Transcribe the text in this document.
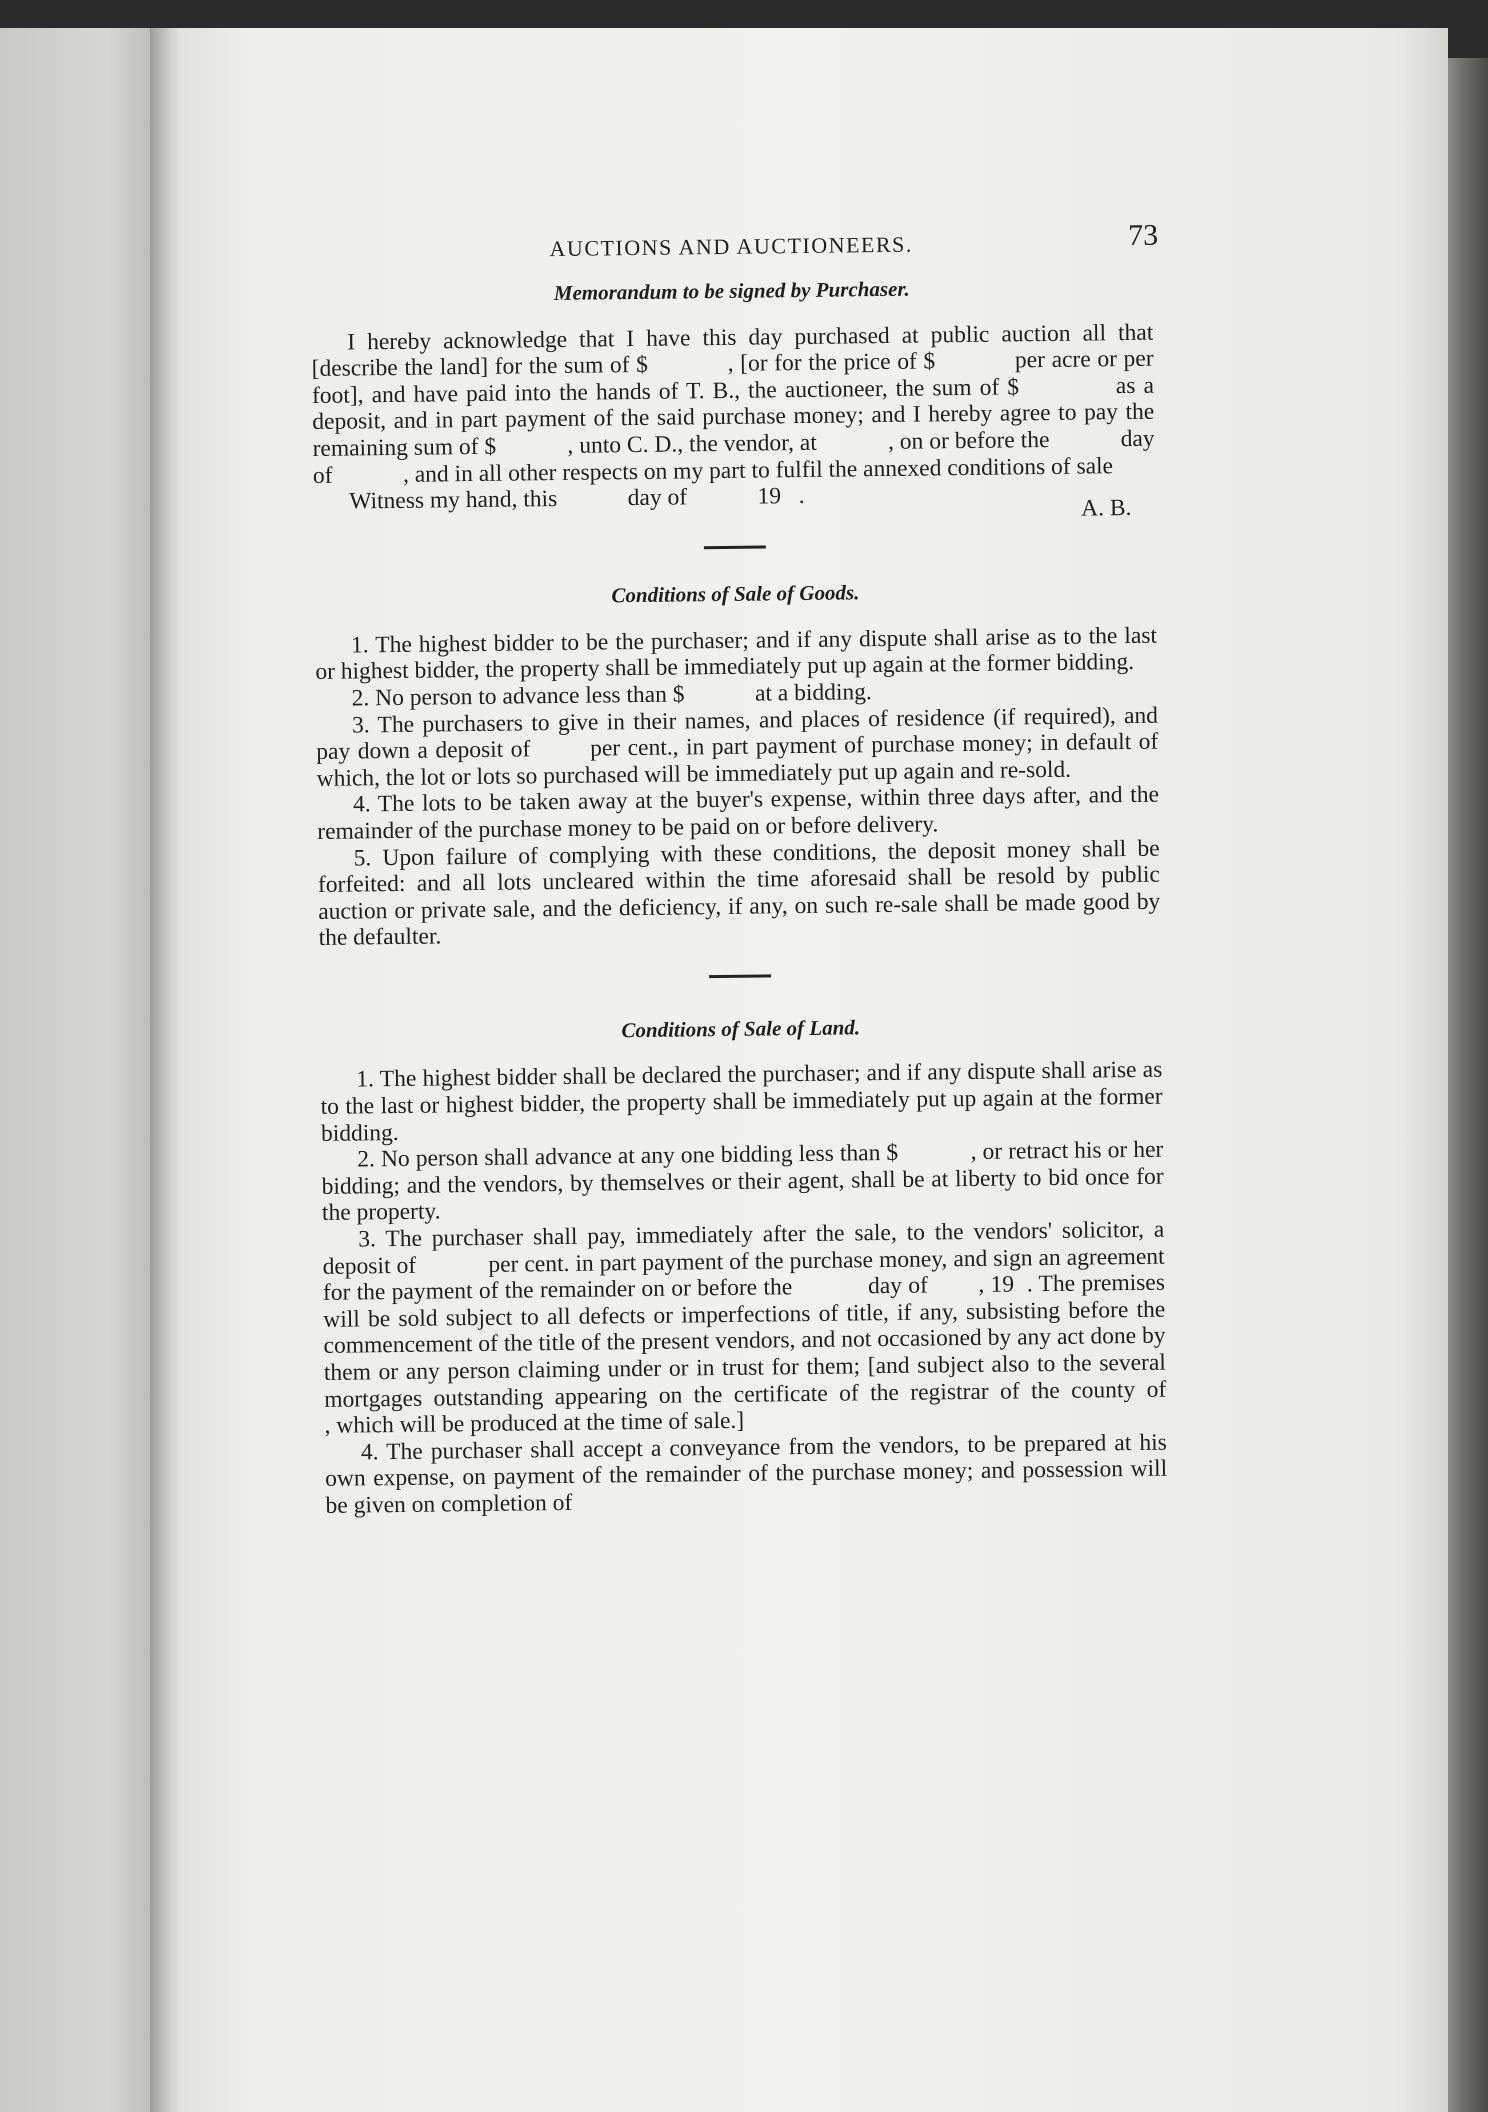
AUCTIONS AND AUCTIONEERS.	73
Memorandum to be signed by Purchaser.

I hereby acknowledge that I have this day purchased at public auction all that [describe the land] for the sum of $            , [or for the price of $            per acre or per foot], and have paid into the hands of T. B., the auctioneer, the sum of $            as a deposit, and in part payment of the said purchase money; and I hereby agree to pay the remaining sum of $            , unto C. D., the vendor, at            , on or before the            day of            , and in all other respects on my part to fulfil the annexed conditions of sale

Witness my hand, this            day of            19   .	A. B.
Conditions of Sale of Goods.

1. The highest bidder to be the purchaser; and if any dispute shall arise as to the last or highest bidder, the property shall be immediately put up again at the former bidding.

2. No person to advance less than $            at a bidding.

3. The purchasers to give in their names, and places of residence (if required), and pay down a deposit of        per cent., in part payment of purchase money; in default of which, the lot or lots so purchased will be immediately put up again and re-sold.

4. The lots to be taken away at the buyer's expense, within three days after, and the remainder of the purchase money to be paid on or before delivery.

5. Upon failure of complying with these conditions, the deposit money shall be forfeited: and all lots uncleared within the time aforesaid shall be resold by public auction or private sale, and the deficiency, if any, on such re-sale shall be made good by the defaulter.

Conditions of Sale of Land.

1. The highest bidder shall be declared the purchaser; and if any dispute shall arise as to the last or highest bidder, the property shall be immediately put up again at the former bidding.

2. No person shall advance at any one bidding less than $            , or retract his or her bidding; and the vendors, by themselves or their agent, shall be at liberty to bid once for the property.

3. The purchaser shall pay, immediately after the sale, to the vendors' solicitor, a deposit of            per cent. in part payment of the purchase money, and sign an agreement for the payment of the remainder on or before the            day of        , 19  . The premises will be sold subject to all defects or imperfections of title, if any, subsisting before the commencement of the title of the present vendors, and not occasioned by any act done by them or any person claiming under or in trust for them; [and subject also to the several mortgages outstanding appearing on the certificate of the registrar of the county of            , which will be produced at the time of sale.]

4. The purchaser shall accept a conveyance from the vendors, to be prepared at his own expense, on payment of the remainder of the purchase money; and possession will be given on completion of
